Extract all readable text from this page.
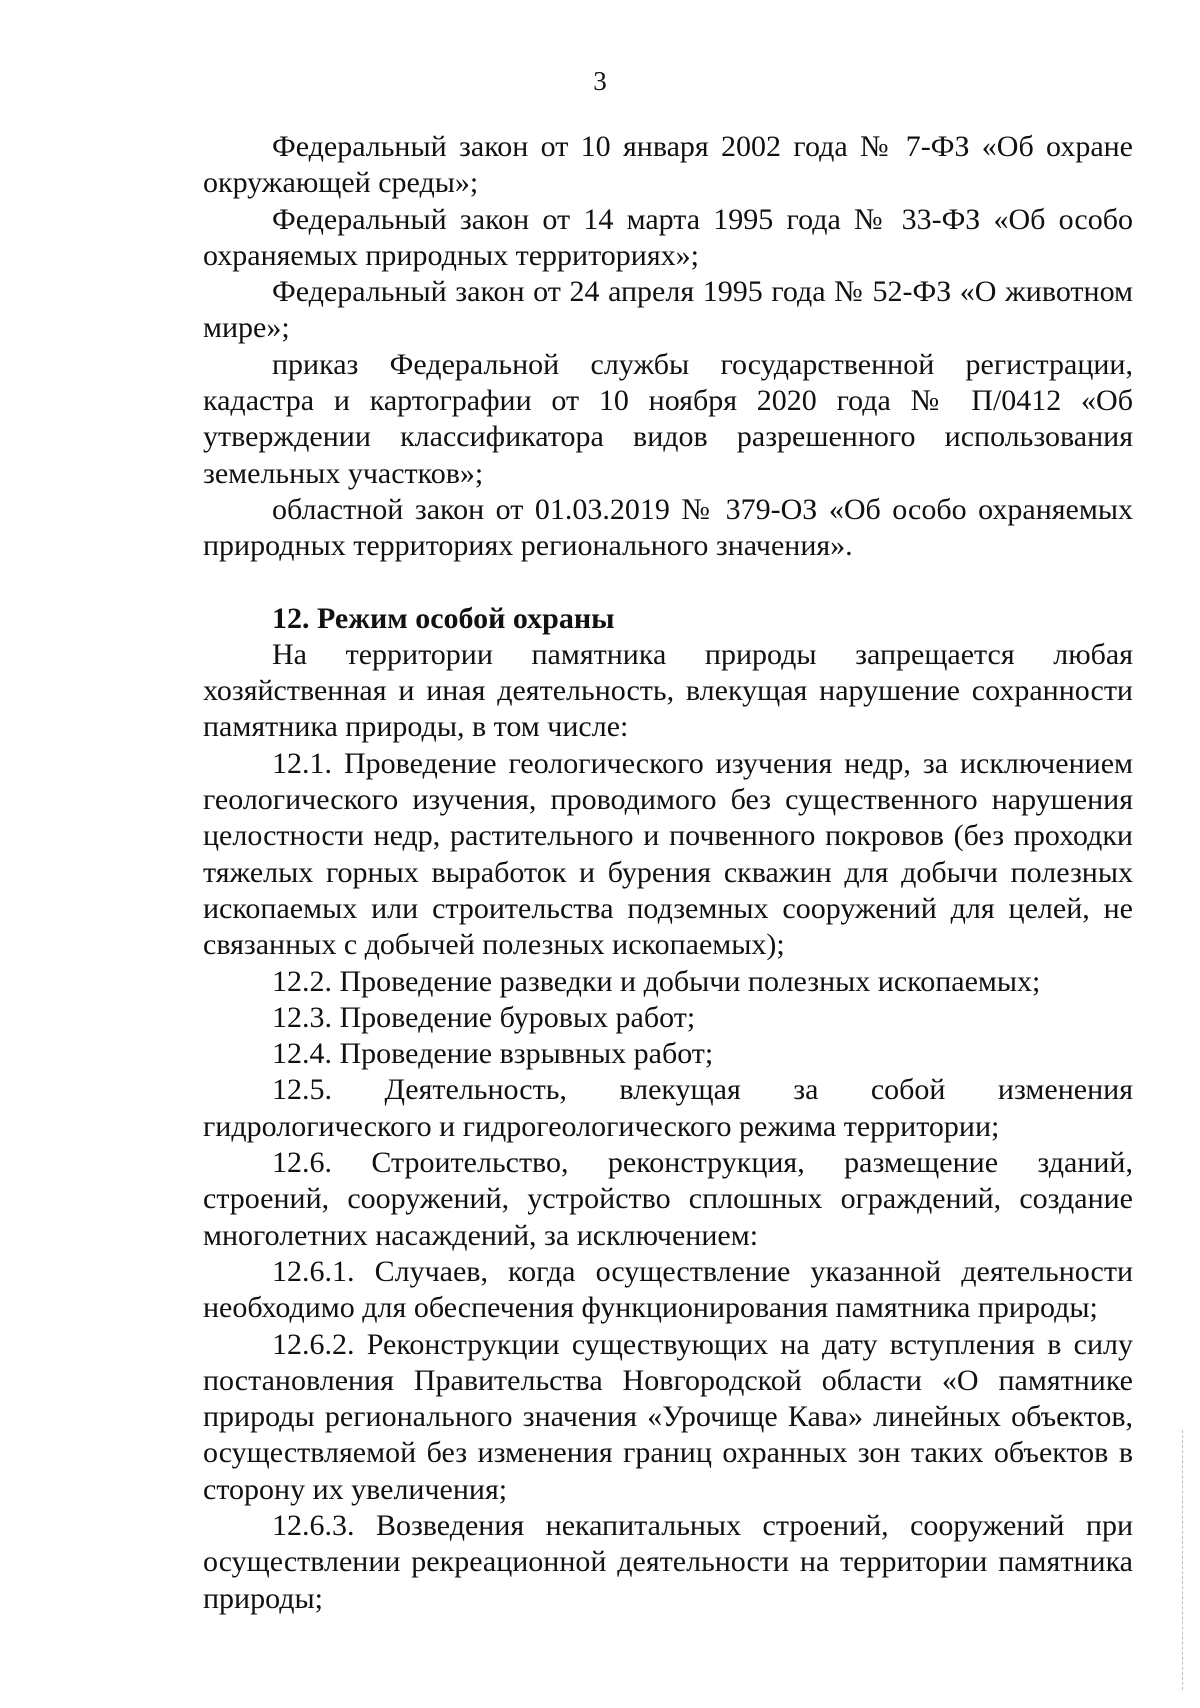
3

Федеральный закон от 10 января 2002 года № 7-ФЗ «Об охране окружающей среды»;

Федеральный закон от 14 марта 1995 года № 33-ФЗ «Об особо охраняемых природных территориях»;

Федеральный закон от 24 апреля 1995 года № 52-ФЗ «О животном мире»;

приказ Федеральной службы государственной регистрации, кадастра и картографии от 10 ноября 2020 года № П/0412 «Об утверждении классификатора видов разрешенного использования земельных участков»;

областной закон от 01.03.2019 № 379-ОЗ «Об особо охраняемых природных территориях регионального значения».

12. Режим особой охраны

На территории памятника природы запрещается любая хозяйственная и иная деятельность, влекущая нарушение сохранности памятника природы, в том числе:

12.1. Проведение геологического изучения недр, за исключением геологического изучения, проводимого без существенного нарушения целостности недр, растительного и почвенного покровов (без проходки тяжелых горных выработок и бурения скважин для добычи полезных ископаемых или строительства подземных сооружений для целей, не связанных с добычей полезных ископаемых);

12.2. Проведение разведки и добычи полезных ископаемых;

12.3. Проведение буровых работ;

12.4. Проведение взрывных работ;

12.5. Деятельность, влекущая за собой изменения гидрологического и гидрогеологического режима территории;

12.6. Строительство, реконструкция, размещение зданий, строений, сооружений, устройство сплошных ограждений, создание многолетних насаждений, за исключением:

12.6.1. Случаев, когда осуществление указанной деятельности необходимо для обеспечения функционирования памятника природы;

12.6.2. Реконструкции существующих на дату вступления в силу постановления Правительства Новгородской области «О памятнике природы регионального значения «Урочище Кава» линейных объектов, осуществляемой без изменения границ охранных зон таких объектов в сторону их увеличения;

12.6.3. Возведения некапитальных строений, сооружений при осуществлении рекреационной деятельности на территории памятника природы;
